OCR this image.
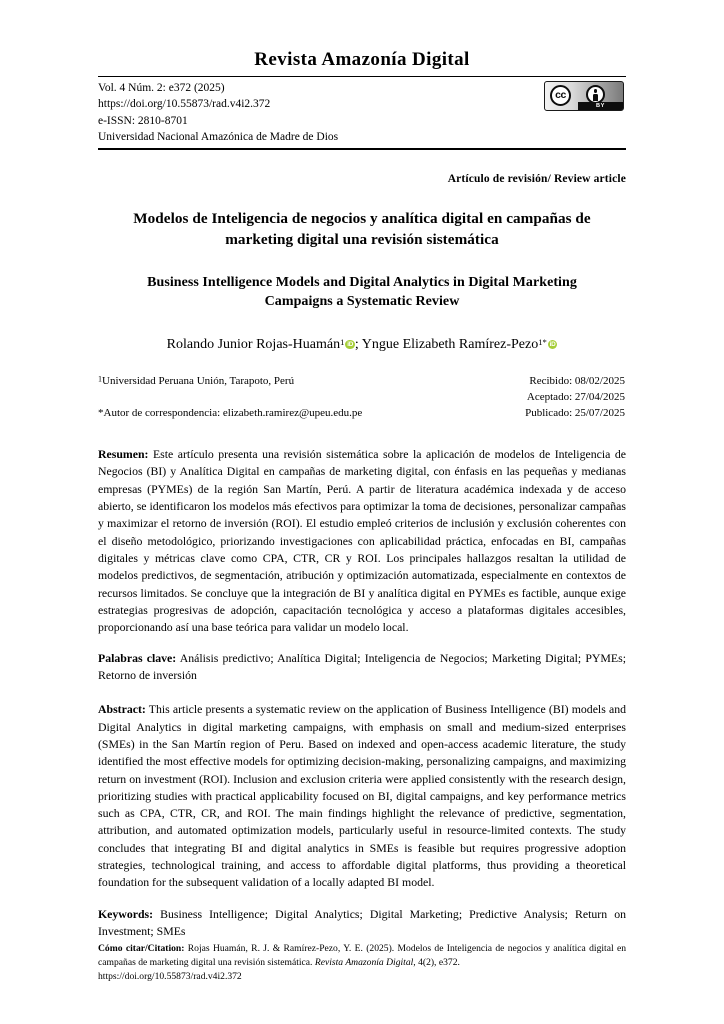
Revista Amazonía Digital
Vol. 4 Núm. 2: e372 (2025)
https://doi.org/10.55873/rad.v4i2.372
e-ISSN: 2810-8701
Universidad Nacional Amazónica de Madre de Dios
cc
BY
Artículo de revisión/ Review article
Modelos de Inteligencia de negocios y analítica digital en campañas de marketing digital una revisión sistemática
Business Intelligence Models and Digital Analytics in Digital Marketing Campaigns a Systematic Review
Rolando Junior Rojas-Huamán$^1$ iD ; Yngue Elizabeth Ramírez-Pezo$^{1*}$ iD
$^1$Universidad Peruana Unión, Tarapoto, Perú	Recibido: 08/02/2025
Aceptado: 27/04/2025
Publicado: 25/07/2025
*Autor de correspondencia: elizabeth.ramirez@upeu.edu.pe
Resumen: Este artículo presenta una revisión sistemática sobre la aplicación de modelos de Inteligencia de Negocios (BI) y Analítica Digital en campañas de marketing digital, con énfasis en las pequeñas y medianas empresas (PYMEs) de la región San Martín, Perú. A partir de literatura académica indexada y de acceso abierto, se identificaron los modelos más efectivos para optimizar la toma de decisiones, personalizar campañas y maximizar el retorno de inversión (ROI). El estudio empleó criterios de inclusión y exclusión coherentes con el diseño metodológico, priorizando investigaciones con aplicabilidad práctica, enfocadas en BI, campañas digitales y métricas clave como CPA, CTR, CR y ROI. Los principales hallazgos resaltan la utilidad de modelos predictivos, de segmentación, atribución y optimización automatizada, especialmente en contextos de recursos limitados. Se concluye que la integración de BI y analítica digital en PYMEs es factible, aunque exige estrategias progresivas de adopción, capacitación tecnológica y acceso a plataformas digitales accesibles, proporcionando así una base teórica para validar un modelo local.
Palabras clave: Análisis predictivo; Analítica Digital; Inteligencia de Negocios; Marketing Digital; PYMEs; Retorno de inversión
Abstract: This article presents a systematic review on the application of Business Intelligence (BI) models and Digital Analytics in digital marketing campaigns, with emphasis on small and medium-sized enterprises (SMEs) in the San Martín region of Peru. Based on indexed and open-access academic literature, the study identified the most effective models for optimizing decision-making, personalizing campaigns, and maximizing return on investment (ROI). Inclusion and exclusion criteria were applied consistently with the research design, prioritizing studies with practical applicability focused on BI, digital campaigns, and key performance metrics such as CPA, CTR, CR, and ROI. The main findings highlight the relevance of predictive, segmentation, attribution, and automated optimization models, particularly useful in resource-limited contexts. The study concludes that integrating BI and digital analytics in SMEs is feasible but requires progressive adoption strategies, technological training, and access to affordable digital platforms, thus providing a theoretical foundation for the subsequent validation of a locally adapted BI model.
Keywords: Business Intelligence; Digital Analytics; Digital Marketing; Predictive Analysis; Return on Investment; SMEs
Cómo citar/Citation: Rojas Huamán, R. J. & Ramírez-Pezo, Y. E. (2025). Modelos de Inteligencia de negocios y analítica digital en campañas de marketing digital una revisión sistemática. Revista Amazonía Digital, 4(2), e372.
https://doi.org/10.55873/rad.v4i2.372
